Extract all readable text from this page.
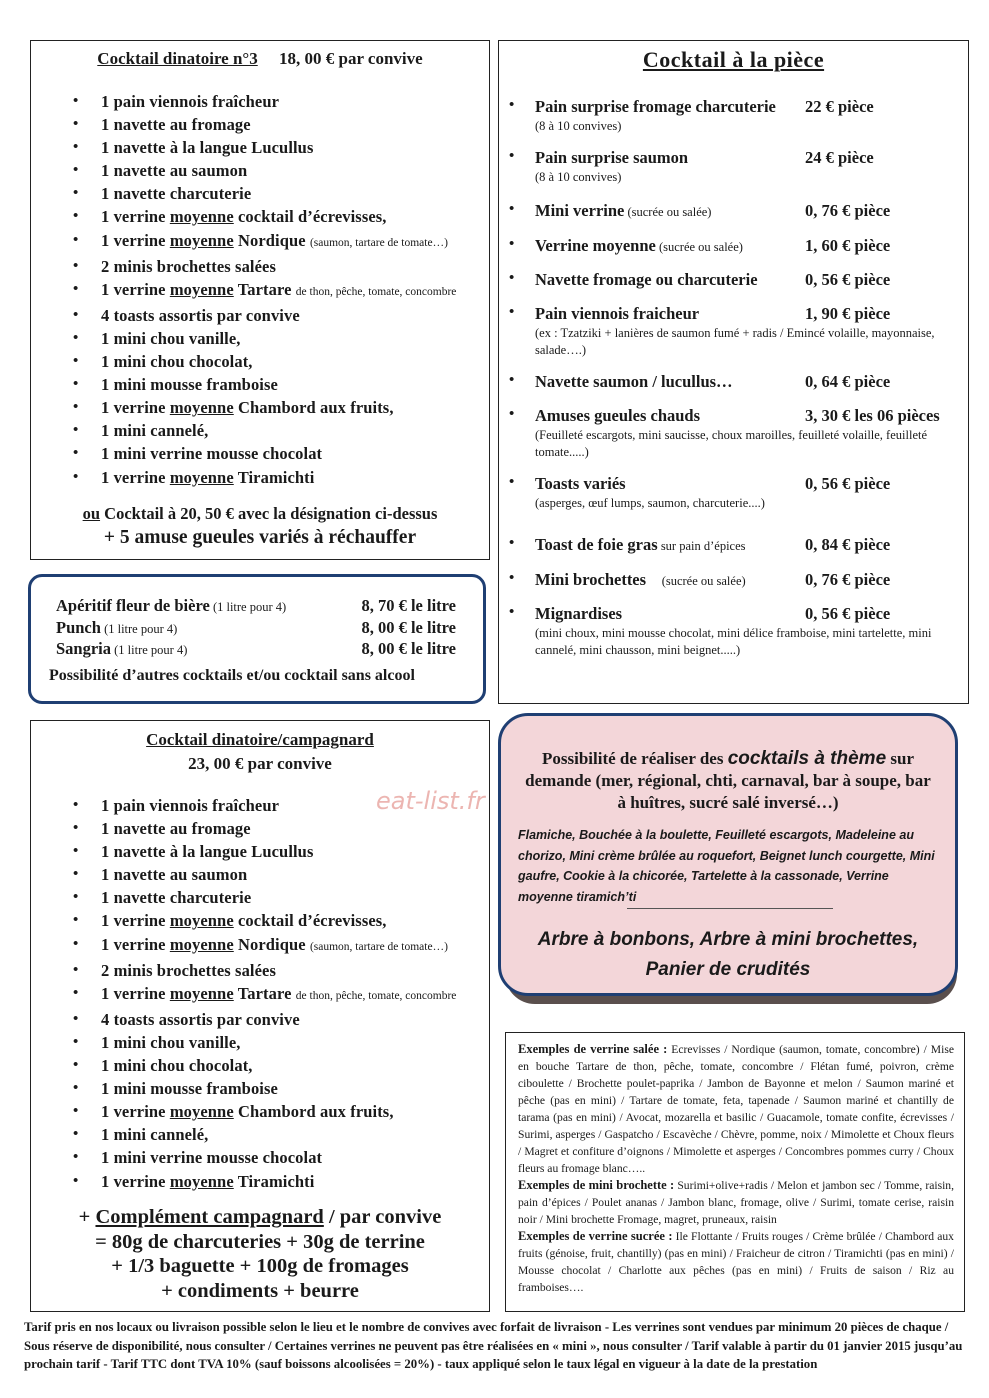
Cocktail dinatoire n°3 18, 00 € par convive
• 1 pain viennois fraîcheur
• 1 navette au fromage
• 1 navette à la langue Lucullus
• 1 navette au saumon
• 1 navette charcuterie
• 1 verrine moyenne cocktail d’écrevisses,
• 1 verrine moyenne Nordique (saumon, tartare de tomate…)
• 2 minis brochettes salées
• 1 verrine moyenne Tartare de thon, pêche, tomate, concombre
• 4 toasts assortis par convive
• 1 mini chou vanille,
• 1 mini chou chocolat,
• 1 mini mousse framboise
• 1 verrine moyenne Chambord aux fruits,
• 1 mini cannelé,
• 1 mini verrine mousse chocolat
• 1 verrine moyenne Tiramichti
ou Cocktail à 20, 50 € avec la désignation ci-dessus
+ 5 amuse gueules variés à réchauffer
Apéritif fleur de bière (1 litre pour 4)	8, 70 € le litre
Punch (1 litre pour 4)	8, 00 € le litre
Sangria (1 litre pour 4)	8, 00 € le litre
Possibilité d’autres cocktails et/ou cocktail sans alcool
Cocktail à la pièce
• Pain surprise fromage charcuterie	22 € pièce
(8 à 10 convives)
• Pain surprise saumon	24 € pièce
(8 à 10 convives)
• Mini verrine (sucrée ou salée)	0, 76 € pièce
• Verrine moyenne (sucrée ou salée)	1, 60 € pièce
• Navette fromage ou charcuterie	0, 56 € pièce
• Pain viennois fraicheur	1, 90 € pièce
(ex : Tzatziki + lanières de saumon fumé + radis / Emincé volaille, mayonnaise, salade….)
• Navette saumon / lucullus…	0, 64 € pièce
• Amuses gueules chauds	3, 30 € les 06 pièces
(Feuilleté escargots, mini saucisse, choux maroilles, feuilleté volaille, feuilleté tomate.....)
• Toasts variés	0, 56 € pièce
(asperges, œuf lumps, saumon, charcuterie....)
• Toast de foie gras sur pain d’épices	0, 84 € pièce
• Mini brochettes     (sucrée ou salée)	0, 76 € pièce
• Mignardises	0, 56 € pièce
(mini choux, mini mousse chocolat, mini délice framboise, mini tartelette, mini cannelé, mini chausson, mini beignet.....)
Cocktail dinatoire/campagnard
23, 00 € par convive
eat-list.fr
• 1 pain viennois fraîcheur
• 1 navette au fromage
• 1 navette à la langue Lucullus
• 1 navette au saumon
• 1 navette charcuterie
• 1 verrine moyenne cocktail d’écrevisses,
• 1 verrine moyenne Nordique (saumon, tartare de tomate…)
• 2 minis brochettes salées
• 1 verrine moyenne Tartare de thon, pêche, tomate, concombre
• 4 toasts assortis par convive
• 1 mini chou vanille,
• 1 mini chou chocolat,
• 1 mini mousse framboise
• 1 verrine moyenne Chambord aux fruits,
• 1 mini cannelé,
• 1 mini verrine mousse chocolat
• 1 verrine moyenne Tiramichti
+ Complément campagnard / par convive
= 80g de charcuteries + 30g de terrine
+ 1/3 baguette + 100g de fromages
+ condiments + beurre
Possibilité de réaliser des cocktails à thème sur demande (mer, régional, chti, carnaval, bar à soupe, bar à huîtres, sucré salé inversé…)
Flamiche, Bouchée à la boulette, Feuilleté escargots, Madeleine au chorizo, Mini crème brûlée au roquefort, Beignet lunch courgette, Mini gaufre, Cookie à la chicorée, Tartelette à la cassonade, Verrine moyenne tiramich’ti
Arbre à bonbons, Arbre à mini brochettes,
Panier de crudités
Exemples de verrine salée : Ecrevisses / Nordique (saumon, tomate, concombre) / Mise en bouche Tartare de thon, pêche, tomate, concombre / Flétan fumé, poivron, crème ciboulette / Brochette poulet-paprika / Jambon de Bayonne et melon / Saumon mariné et pêche (pas en mini) / Tartare de tomate, feta, tapenade / Saumon mariné et chantilly de tarama (pas en mini) / Avocat, mozarella et basilic / Guacamole, tomate confite, écrevisses / Surimi, asperges / Gaspatcho / Escavèche / Chèvre, pomme, noix / Mimolette et Choux fleurs / Magret et confiture d’oignons / Mimolette et asperges / Concombres pommes curry / Choux fleurs au fromage blanc…..
Exemples de mini brochette : Surimi+olive+radis / Melon et jambon sec / Tomme, raisin, pain d’épices / Poulet ananas / Jambon blanc, fromage, olive / Surimi, tomate cerise, raisin noir / Mini brochette Fromage, magret, pruneaux, raisin
Exemples de verrine sucrée : Ile Flottante / Fruits rouges / Crème brûlée / Chambord aux fruits (génoise, fruit, chantilly) (pas en mini) / Fraicheur de citron / Tiramichti (pas en mini) / Mousse chocolat / Charlotte aux pêches (pas en mini) / Fruits de saison / Riz au framboises….
Tarif pris en nos locaux ou livraison possible selon le lieu et le nombre de convives avec forfait de livraison - Les verrines sont vendues par minimum 20 pièces de chaque / Sous réserve de disponibilité, nous consulter / Certaines verrines ne peuvent pas être réalisées en « mini », nous consulter / Tarif valable à partir du 01 janvier 2015 jusqu’au prochain tarif - Tarif TTC dont TVA 10% (sauf boissons alcoolisées = 20%) - taux appliqué selon le taux légal en vigueur à la date de la prestation
